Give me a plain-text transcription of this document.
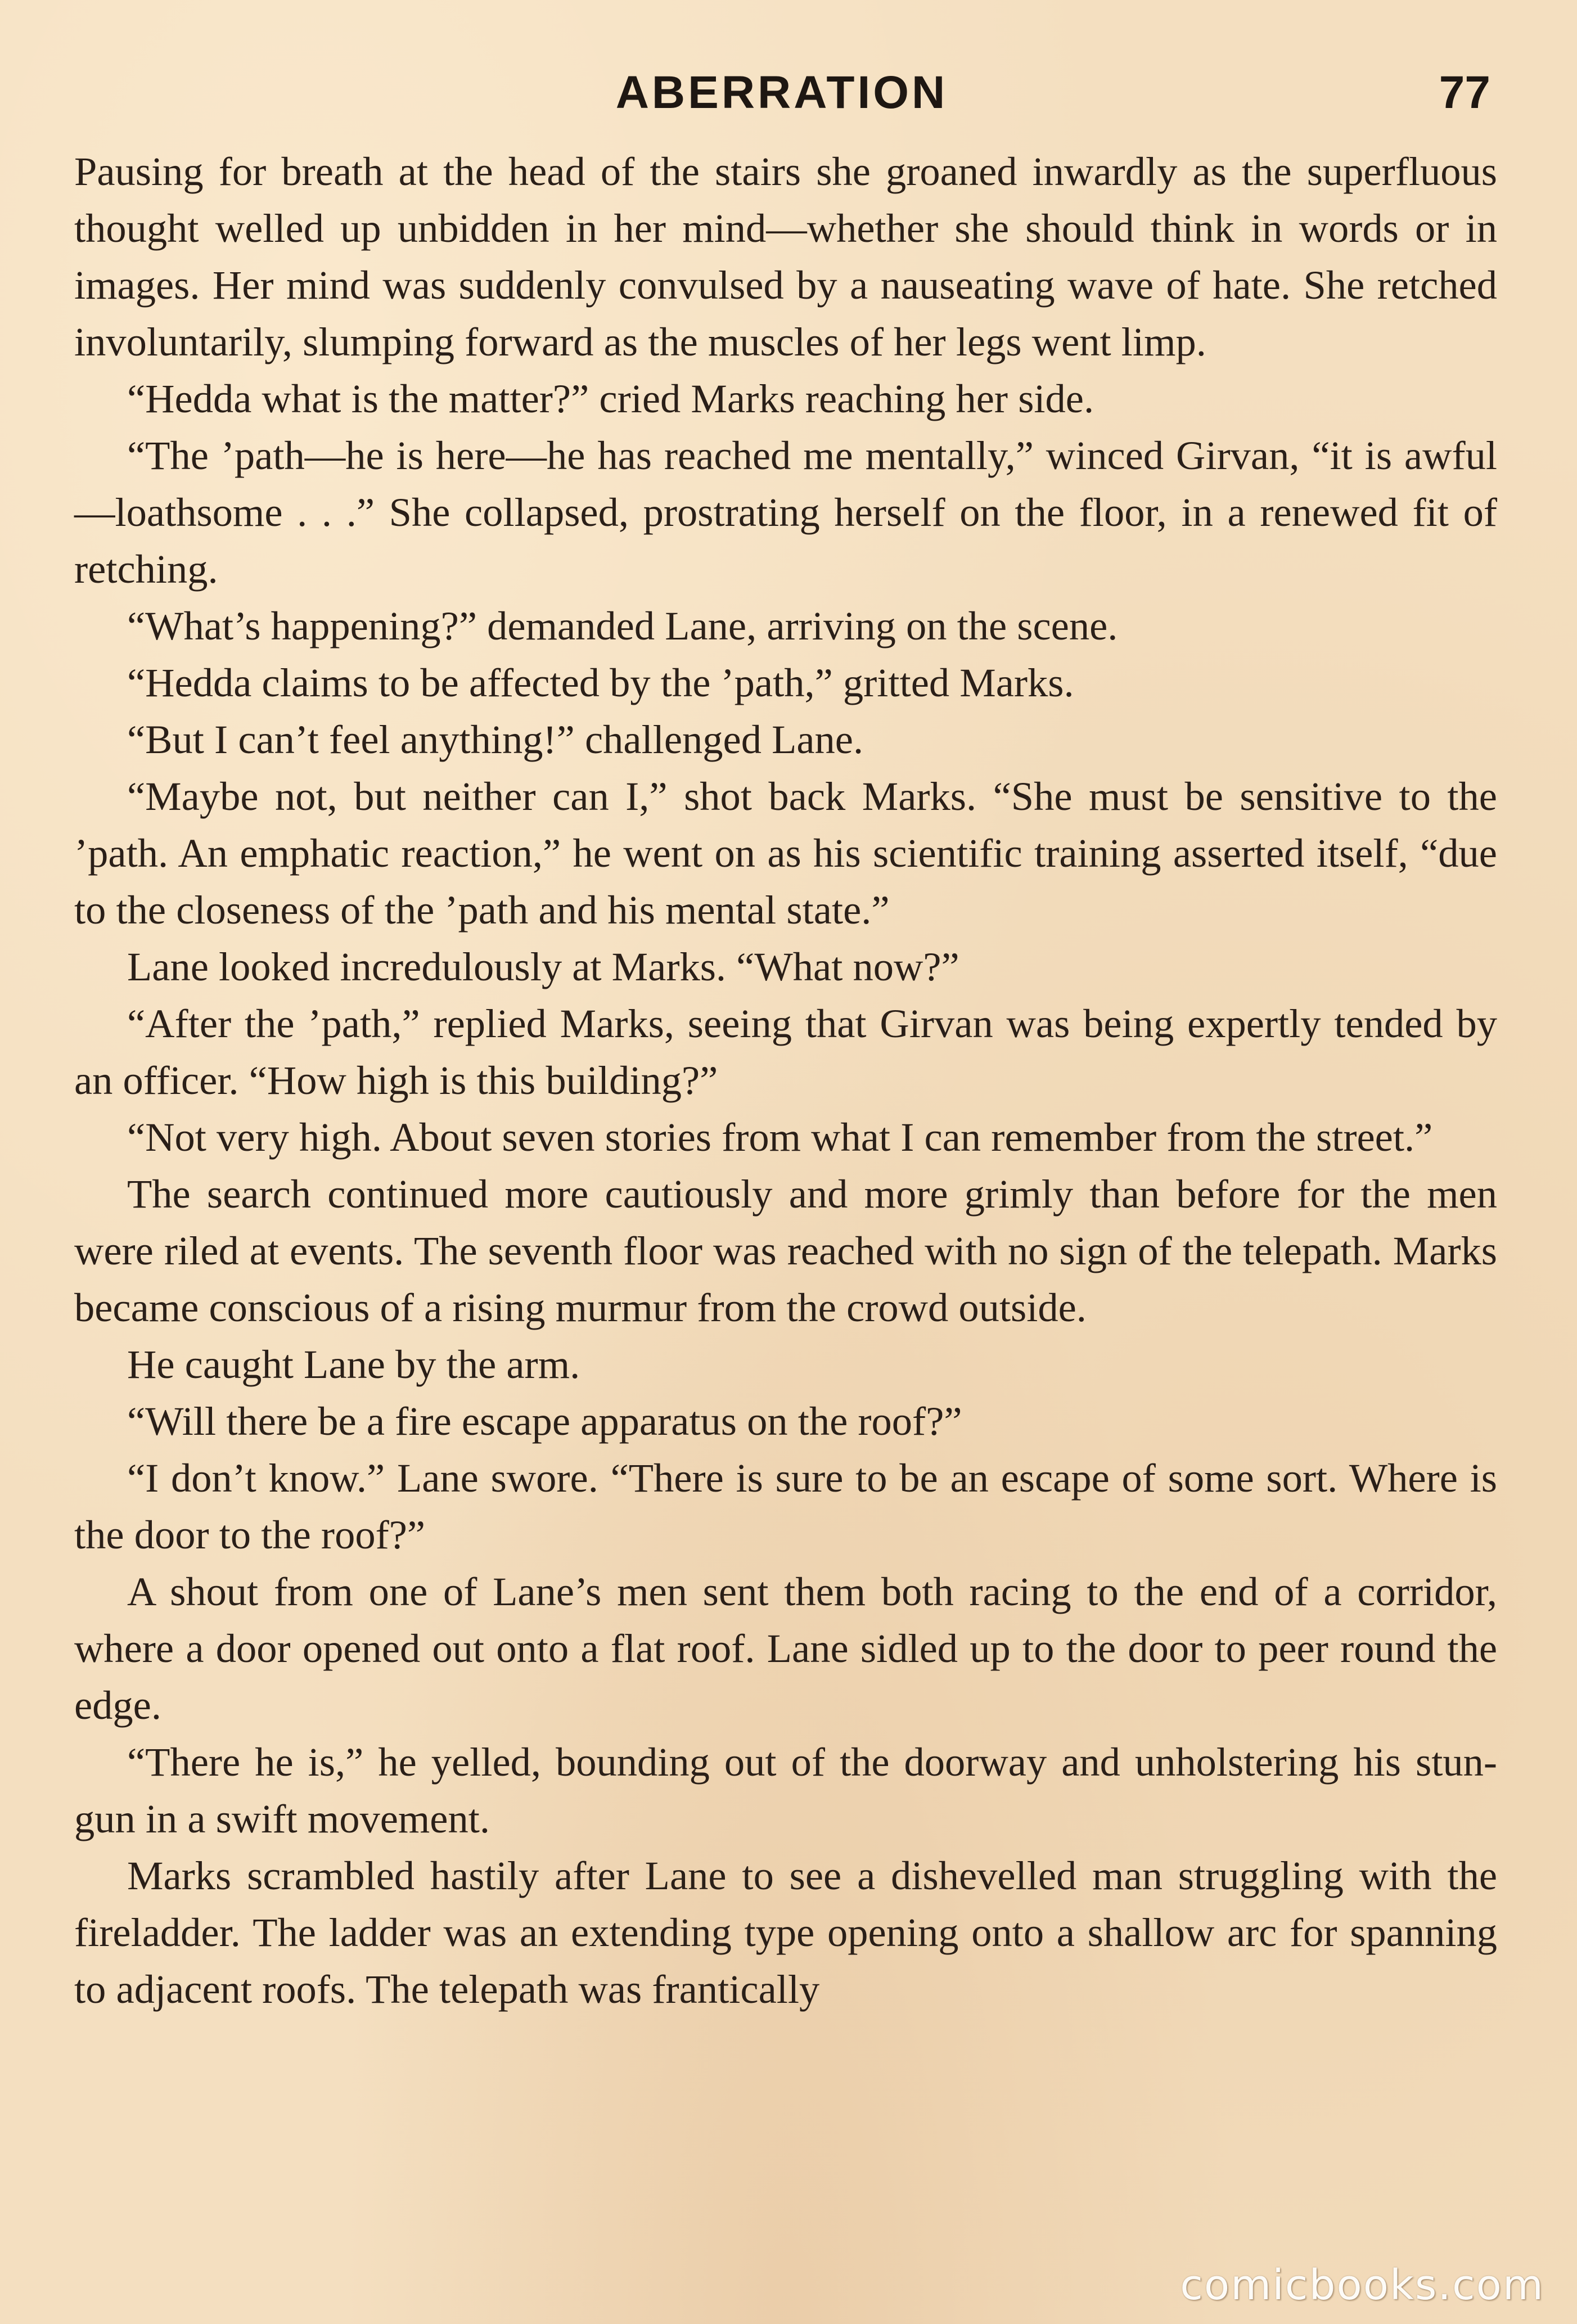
ABERRATION	77

Pausing for breath at the head of the stairs she groaned inwardly as the superfluous thought welled up unbidden in her mind—whether she should think in words or in images. Her mind was suddenly convulsed by a nauseating wave of hate. She retched involuntarily, slumping forward as the muscles of her legs went limp.

“Hedda what is the matter?” cried Marks reaching her side.

“The ’path—he is here—he has reached me mentally,” winced Girvan, “it is awful—loathsome . . .” She collapsed, prostrating herself on the floor, in a renewed fit of retching.

“What’s happening?” demanded Lane, arriving on the scene.

“Hedda claims to be affected by the ’path,” gritted Marks.

“But I can’t feel anything!” challenged Lane.

“Maybe not, but neither can I,” shot back Marks. “She must be sensitive to the ’path. An emphatic reaction,” he went on as his scientific training asserted itself, “due to the closeness of the ’path and his mental state.”

Lane looked incredulously at Marks. “What now?”

“After the ’path,” replied Marks, seeing that Girvan was being expertly tended by an officer. “How high is this building?”

“Not very high. About seven stories from what I can remember from the street.”

The search continued more cautiously and more grimly than before for the men were riled at events. The seventh floor was reached with no sign of the telepath. Marks became conscious of a rising murmur from the crowd outside.

He caught Lane by the arm.

“Will there be a fire escape apparatus on the roof?”

“I don’t know.” Lane swore. “There is sure to be an escape of some sort. Where is the door to the roof?”

A shout from one of Lane’s men sent them both racing to the end of a corridor, where a door opened out onto a flat roof. Lane sidled up to the door to peer round the edge.

“There he is,” he yelled, bounding out of the doorway and unholstering his stun-gun in a swift movement.

Marks scrambled hastily after Lane to see a dishevelled man struggling with the fireladder. The ladder was an extending type opening onto a shallow arc for spanning to adjacent roofs. The telepath was frantically

comicbooks.com
